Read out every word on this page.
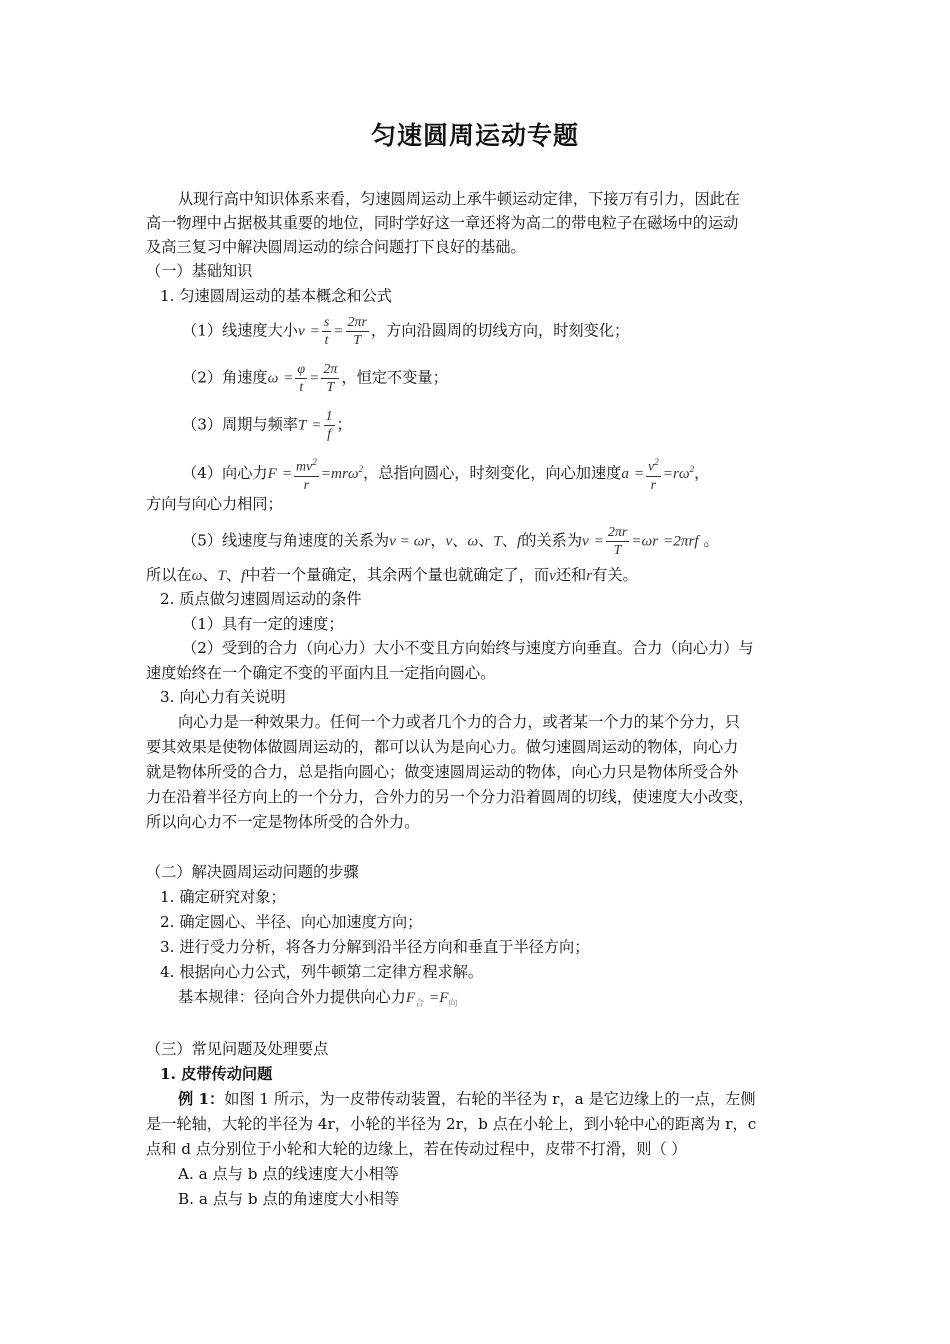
匀速圆周运动专题
从现行高中知识体系来看，匀速圆周运动上承牛顿运动定律，下接万有引力，因此在
高一物理中占据极其重要的地位，同时学好这一章还将为高二的带电粒子在磁场中的运动
及高三复习中解决圆周运动的综合问题打下良好的基础。
（一）基础知识
1. 匀速圆周运动的基本概念和公式
（1）线速度大小$v = \frac{s}{t} = \frac{2\pi r}{T}$ ，方向沿圆周的切线方向，时刻变化；
（2）角速度$\omega = \frac{\varphi}{t} = \frac{2\pi}{T}$ ，恒定不变量；
（3）周期与频率$T = \frac{1}{f}$ ；
（4）向心力$F = \frac{mv^2}{r} =mr\omega^2$，总指向圆心，时刻变化，向心加速度$a = \frac{v^2}{r} =r\omega^2$，
方向与向心力相同；
（5）线速度与角速度的关系为v = ωr，v、ω、T、f的关系为$v = \frac{2\pi r}{T} =\omega r =2\pi rf$ 。
所以在ω、T、f中若一个量确定，其余两个量也就确定了，而v还和r有关。
2. 质点做匀速圆周运动的条件
（1）具有一定的速度；
（2）受到的合力（向心力）大小不变且方向始终与速度方向垂直。合力（向心力）与
速度始终在一个确定不变的平面内且一定指向圆心。
3. 向心力有关说明
向心力是一种效果力。任何一个力或者几个力的合力，或者某一个力的某个分力，只
要其效果是使物体做圆周运动的，都可以认为是向心力。做匀速圆周运动的物体，向心力
就是物体所受的合力，总是指向圆心；做变速圆周运动的物体，向心力只是物体所受合外
力在沿着半径方向上的一个分力，合外力的另一个分力沿着圆周的切线，使速度大小改变，
所以向心力不一定是物体所受的合外力。
（二）解决圆周运动问题的步骤
1. 确定研究对象；
2. 确定圆心、半径、向心加速度方向；
3. 进行受力分析，将各力分解到沿半径方向和垂直于半径方向；
4. 根据向心力公式，列牛顿第二定律方程求解。
基本规律：径向合外力提供向心力$F_合 =F_向$
（三）常见问题及处理要点
1. 皮带传动问题
例 1：如图 1 所示，为一皮带传动装置，右轮的半径为 r，a 是它边缘上的一点，左侧
是一轮轴，大轮的半径为 4r，小轮的半径为 2r，b 点在小轮上，到小轮中心的距离为 r，c
点和 d 点分别位于小轮和大轮的边缘上，若在传动过程中，皮带不打滑，则（ ）
A. a 点与 b 点的线速度大小相等
B. a 点与 b 点的角速度大小相等
